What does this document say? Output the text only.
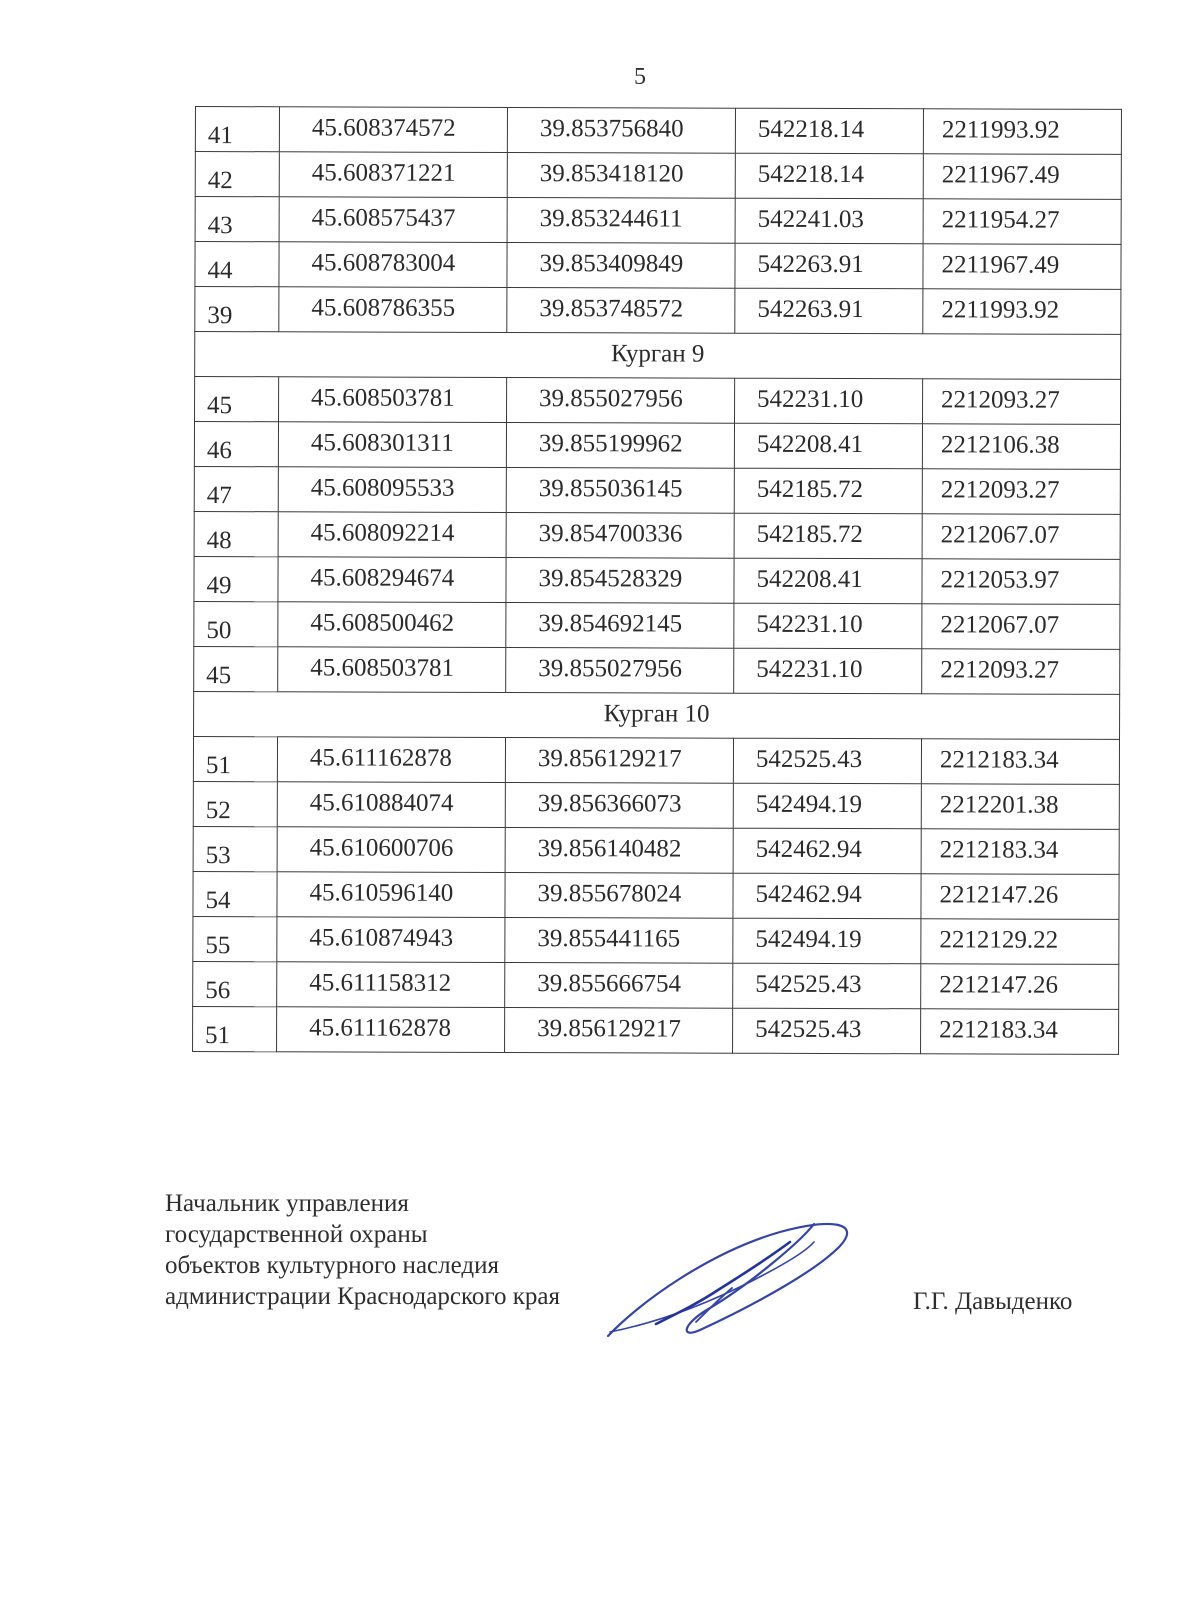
5
41	45.608374572	39.853756840	542218.14	2211993.92
42	45.608371221	39.853418120	542218.14	2211967.49
43	45.608575437	39.853244611	542241.03	2211954.27
44	45.608783004	39.853409849	542263.91	2211967.49
39	45.608786355	39.853748572	542263.91	2211993.92
Курган 9				
45	45.608503781	39.855027956	542231.10	2212093.27
46	45.608301311	39.855199962	542208.41	2212106.38
47	45.608095533	39.855036145	542185.72	2212093.27
48	45.608092214	39.854700336	542185.72	2212067.07
49	45.608294674	39.854528329	542208.41	2212053.97
50	45.608500462	39.854692145	542231.10	2212067.07
45	45.608503781	39.855027956	542231.10	2212093.27
Курган 10				
51	45.611162878	39.856129217	542525.43	2212183.34
52	45.610884074	39.856366073	542494.19	2212201.38
53	45.610600706	39.856140482	542462.94	2212183.34
54	45.610596140	39.855678024	542462.94	2212147.26
55	45.610874943	39.855441165	542494.19	2212129.22
56	45.611158312	39.855666754	542525.43	2212147.26
51	45.611162878	39.856129217	542525.43	2212183.34
Начальник управления
государственной охраны
объектов культурного наследия
администрации Краснодарского края	Г.Г. Давыденко
